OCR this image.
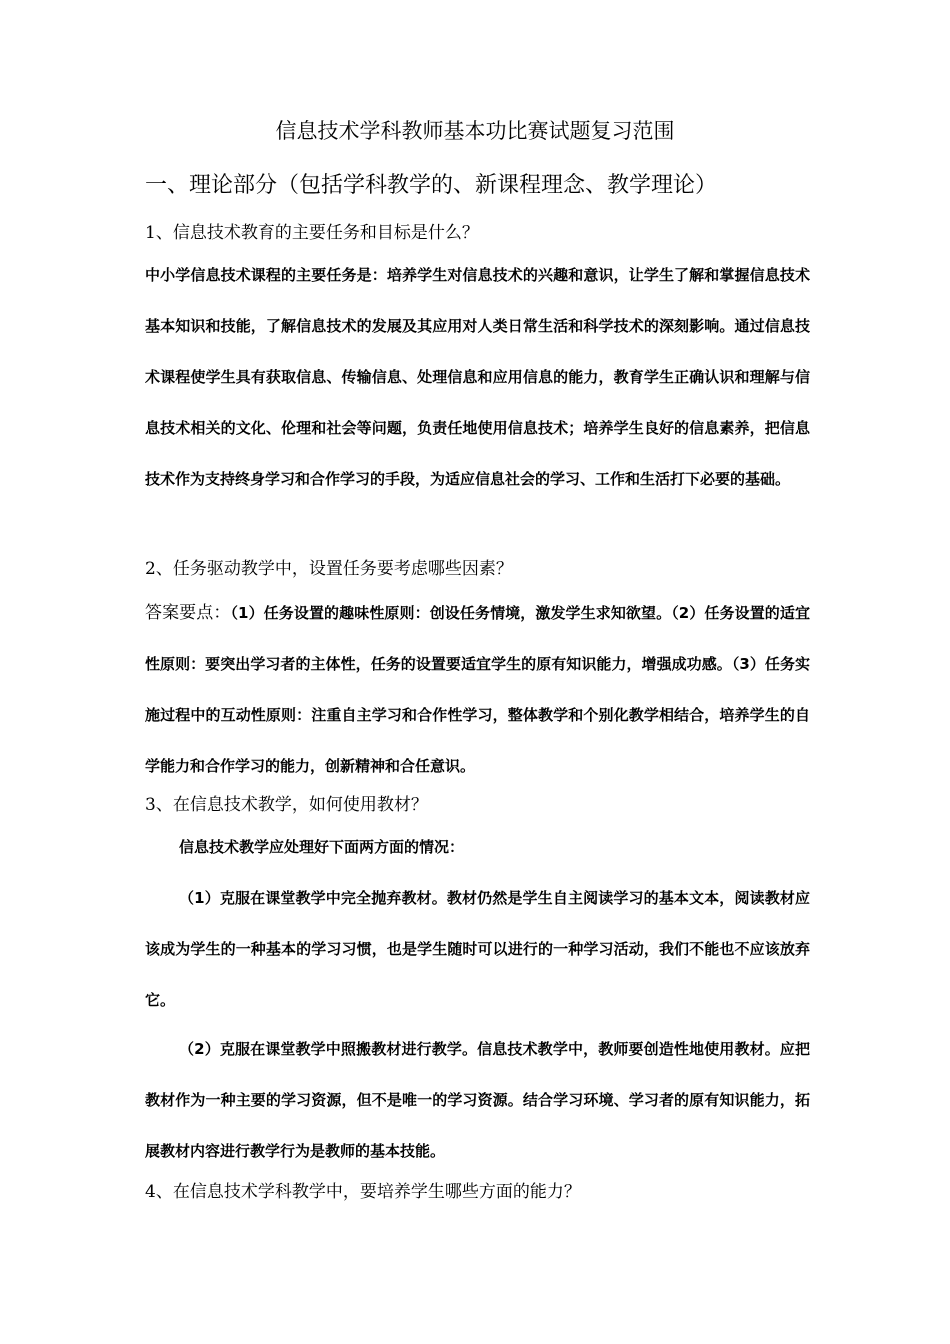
信息技术学科教师基本功比赛试题复习范围
一、理论部分（包括学科教学的、新课程理念、教学理论）
1、信息技术教育的主要任务和目标是什么？
中小学信息技术课程的主要任务是：培养学生对信息技术的兴趣和意识，让学生了解和掌握信息技术基本知识和技能，了解信息技术的发展及其应用对人类日常生活和科学技术的深刻影响。通过信息技术课程使学生具有获取信息、传输信息、处理信息和应用信息的能力，教育学生正确认识和理解与信息技术相关的文化、伦理和社会等问题，负责任地使用信息技术；培养学生良好的信息素养，把信息技术作为支持终身学习和合作学习的手段，为适应信息社会的学习、工作和生活打下必要的基础。
2、任务驱动教学中，设置任务要考虑哪些因素？
答案要点：（1）任务设置的趣味性原则：创设任务情境，激发学生求知欲望。（2）任务设置的适宜性原则：要突出学习者的主体性，任务的设置要适宜学生的原有知识能力，增强成功感。（3）任务实施过程中的互动性原则：注重自主学习和合作性学习，整体教学和个别化教学相结合，培养学生的自学能力和合作学习的能力，创新精神和合任意识。
3、在信息技术教学，如何使用教材？
信息技术教学应处理好下面两方面的情况：
（1）克服在课堂教学中完全抛弃教材。教材仍然是学生自主阅读学习的基本文本，阅读教材应该成为学生的一种基本的学习习惯，也是学生随时可以进行的一种学习活动，我们不能也不应该放弃它。
（2）克服在课堂教学中照搬教材进行教学。信息技术教学中，教师要创造性地使用教材。应把教材作为一种主要的学习资源，但不是唯一的学习资源。结合学习环境、学习者的原有知识能力，拓展教材内容进行教学行为是教师的基本技能。
4、在信息技术学科教学中，要培养学生哪些方面的能力？
